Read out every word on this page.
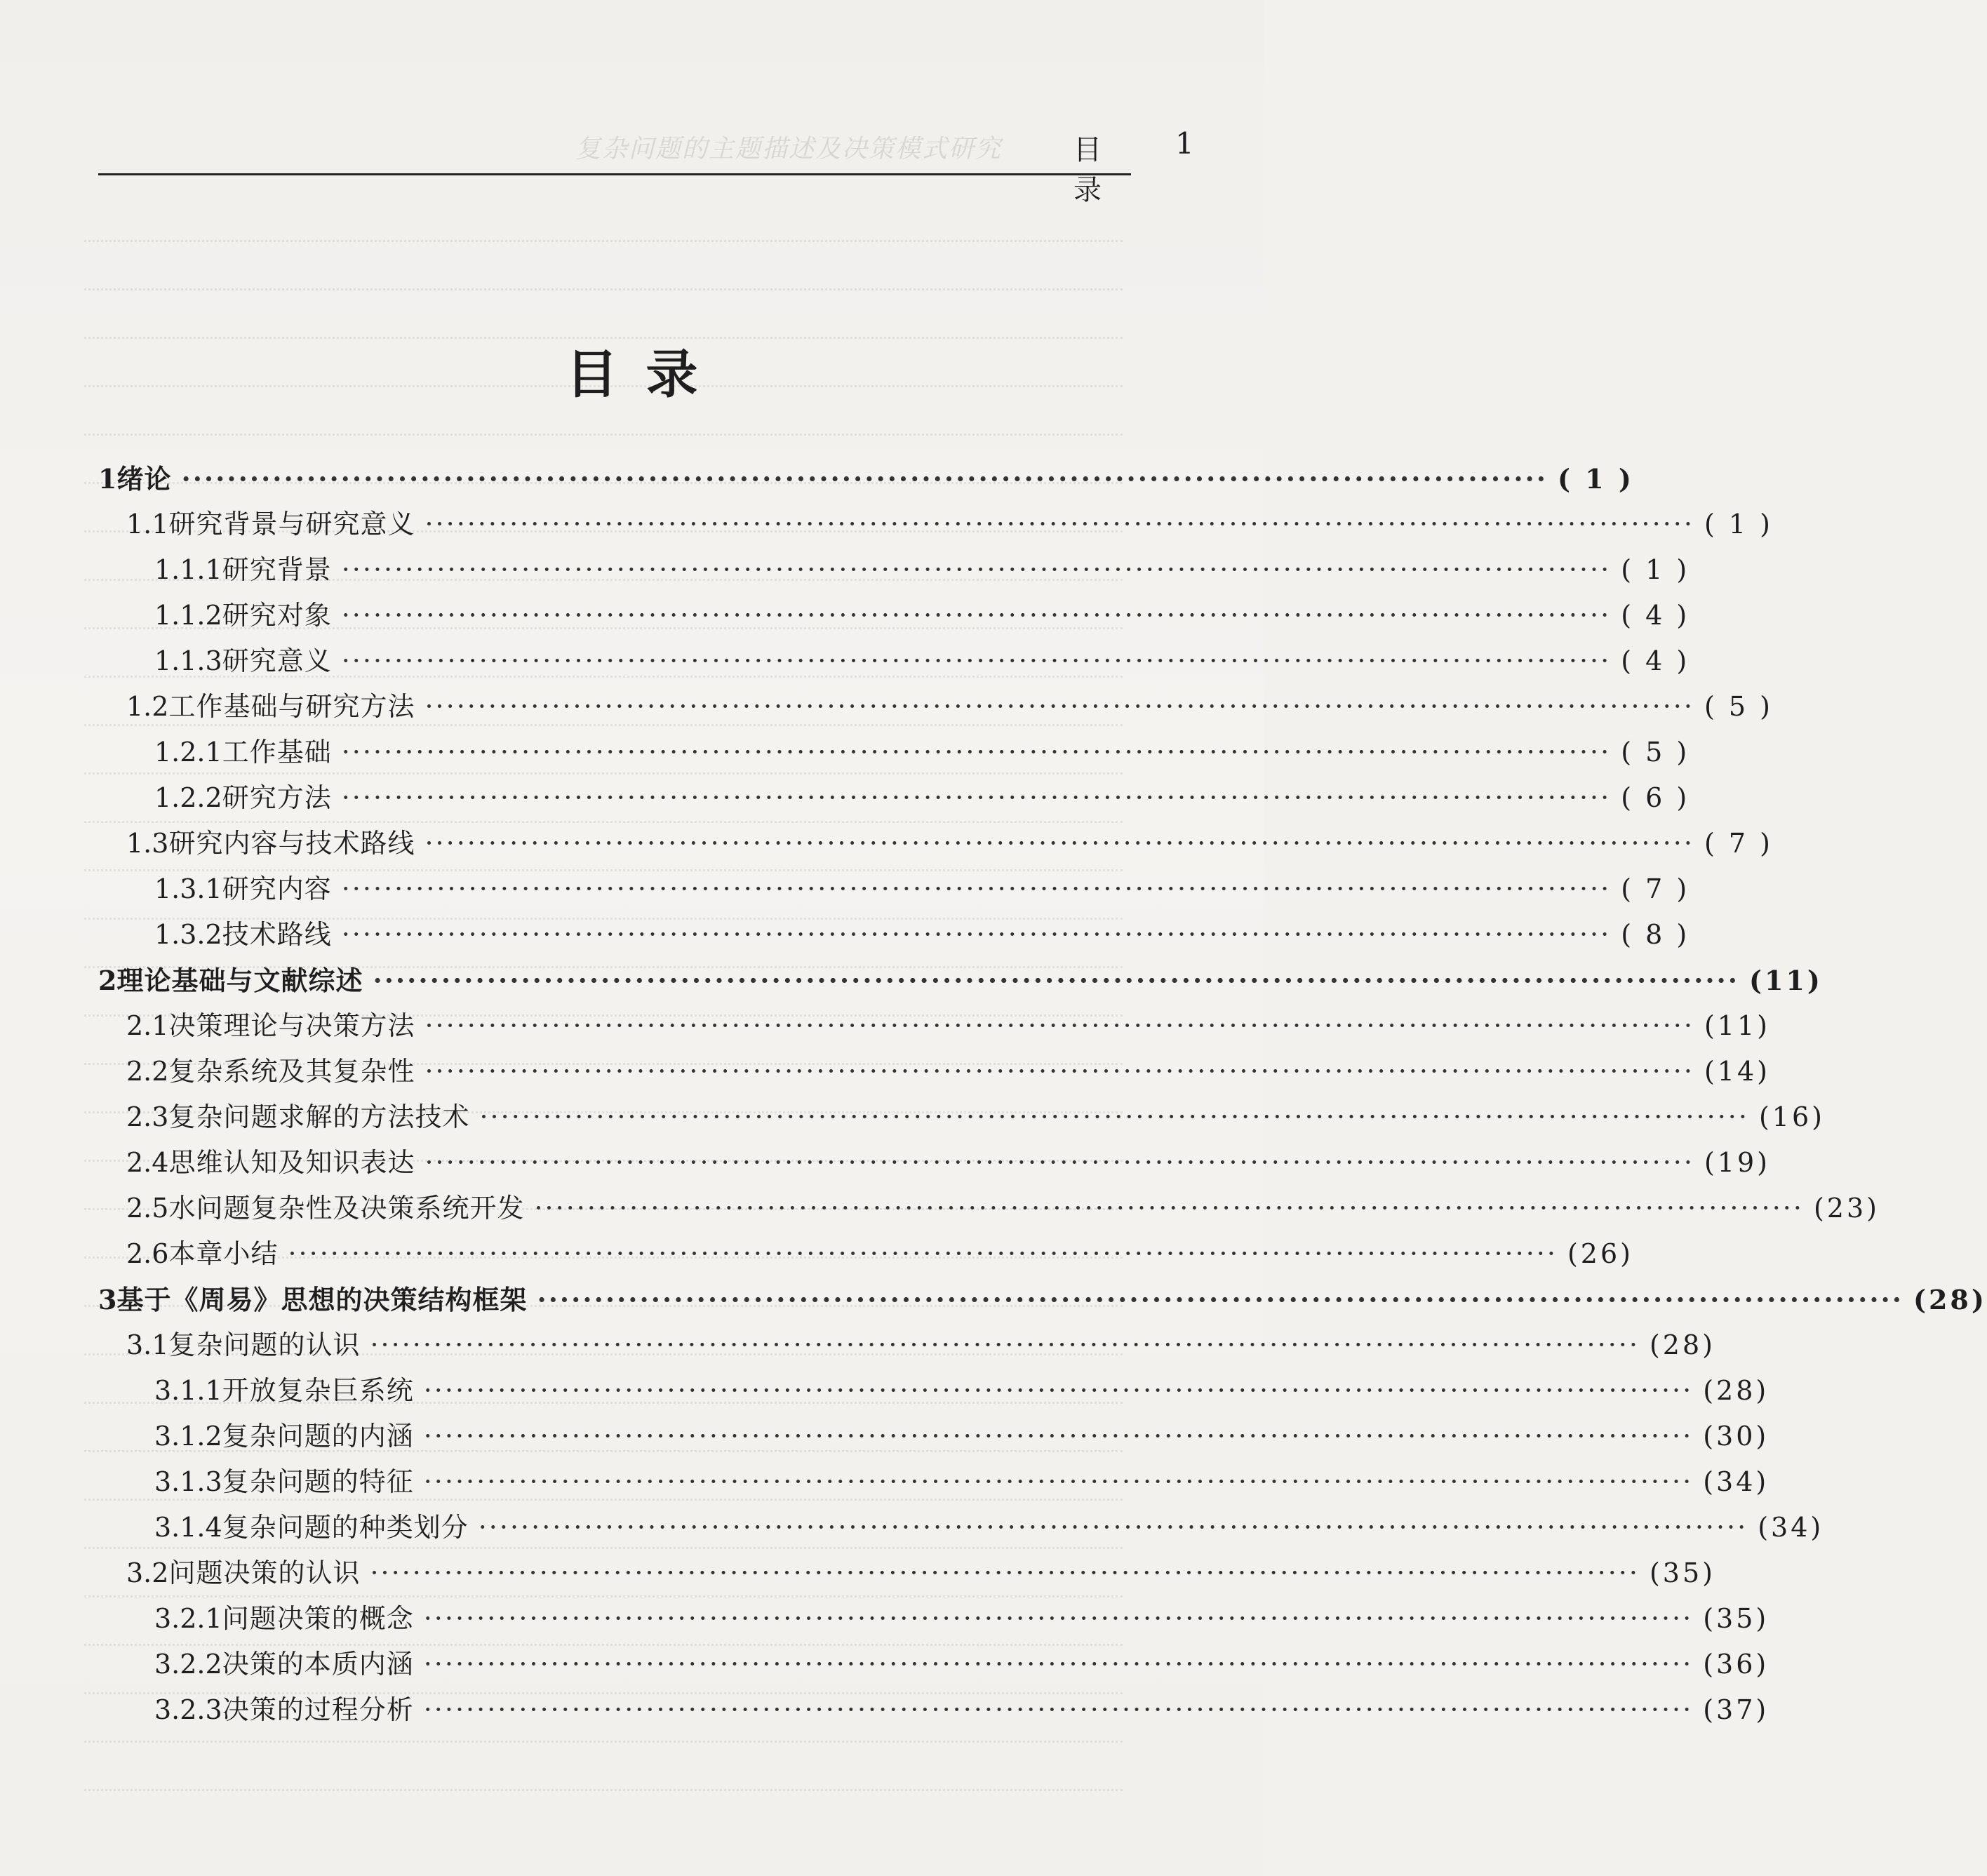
复杂问题的主题描述及决策模式研究	目 录
1
目录
1 绪论 ························································································································ ( 1 )
1.1 研究背景与研究意义 ························································································································ ( 1 )
1.1.1 研究背景 ························································································································ ( 1 )
1.1.2 研究对象 ························································································································ ( 4 )
1.1.3 研究意义 ························································································································ ( 4 )
1.2 工作基础与研究方法 ························································································································ ( 5 )
1.2.1 工作基础 ························································································································ ( 5 )
1.2.2 研究方法 ························································································································ ( 6 )
1.3 研究内容与技术路线 ························································································································ ( 7 )
1.3.1 研究内容 ························································································································ ( 7 )
1.3.2 技术路线 ························································································································ ( 8 )
2 理论基础与文献综述 ························································································································ (11)
2.1 决策理论与决策方法 ························································································································ (11)
2.2 复杂系统及其复杂性 ························································································································ (14)
2.3 复杂问题求解的方法技术 ························································································································ (16)
2.4 思维认知及知识表达 ························································································································ (19)
2.5 水问题复杂性及决策系统开发 ························································································································ (23)
2.6 本章小结 ························································································································ (26)
3 基于《周易》思想的决策结构框架 ························································································································ (28)
3.1 复杂问题的认识 ························································································································ (28)
3.1.1 开放复杂巨系统 ························································································································ (28)
3.1.2 复杂问题的内涵 ························································································································ (30)
3.1.3 复杂问题的特征 ························································································································ (34)
3.1.4 复杂问题的种类划分 ························································································································ (34)
3.2 问题决策的认识 ························································································································ (35)
3.2.1 问题决策的概念 ························································································································ (35)
3.2.2 决策的本质内涵 ························································································································ (36)
3.2.3 决策的过程分析 ························································································································ (37)
